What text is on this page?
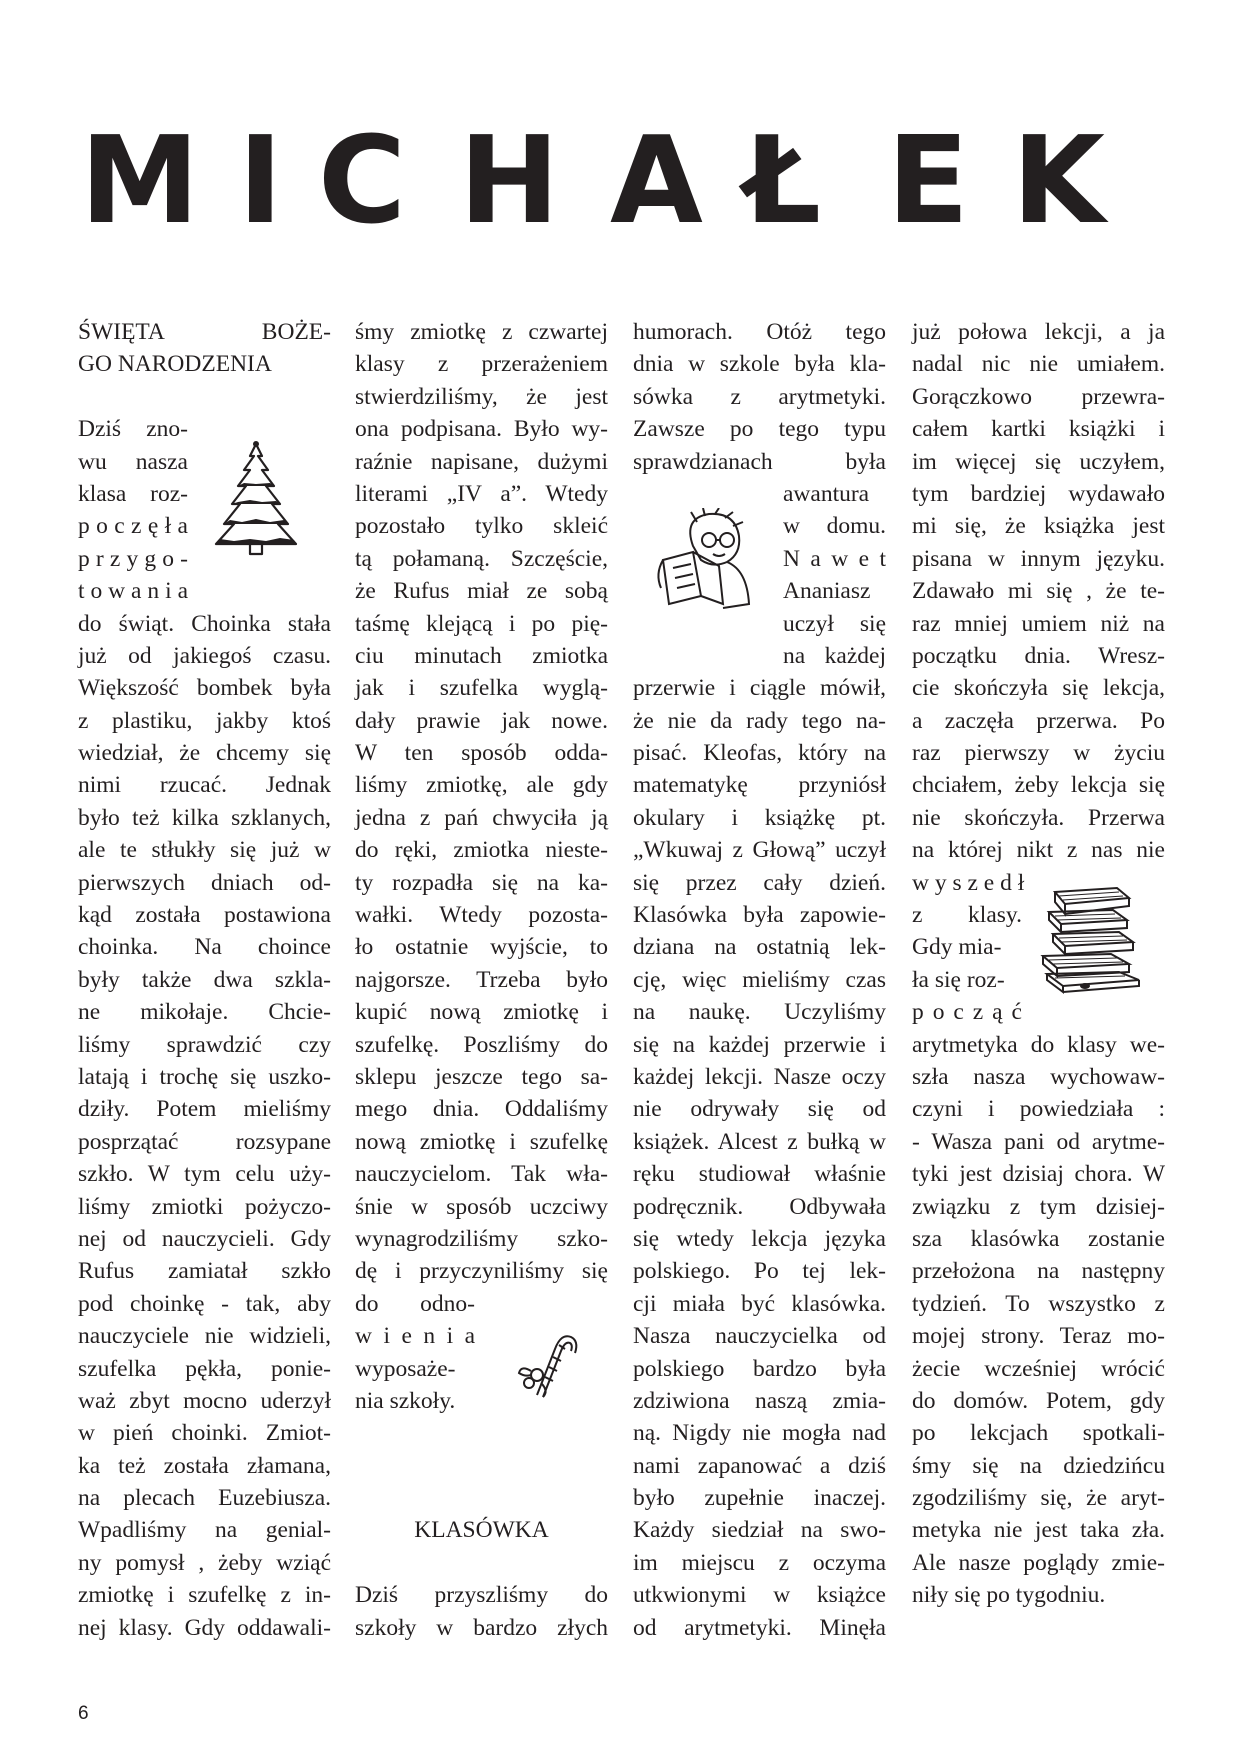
M I C H A Ł E K
ŚWIĘTA BOŻE-
GO NARODZENIA
Dziś zno-
wu nasza
klasa roz-
p o c z ę ł a
p r z y g o -
t o w a n i a
do świąt. Choinka stała
już od jakiegoś czasu.
Większość bombek była
z plastiku, jakby ktoś
wiedział, że chcemy się
nimi rzucać. Jednak
było też kilka szklanych,
ale te stłukły się już w
pierwszych dniach od-
kąd została postawiona
choinka. Na choince
były także dwa szkla-
ne mikołaje. Chcie-
liśmy sprawdzić czy
latają i trochę się uszko-
dziły. Potem mieliśmy
posprzątać rozsypane
szkło. W tym celu uży-
liśmy zmiotki pożyczo-
nej od nauczycieli. Gdy
Rufus zamiatał szkło
pod choinkę - tak, aby
nauczyciele nie widzieli,
szufelka pękła, ponie-
waż zbyt mocno uderzył
w pień choinki. Zmiot-
ka też została złamana,
na plecach Euzebiusza.
Wpadliśmy na genial-
ny pomysł , żeby wziąć
zmiotkę i szufelkę z in-
nej klasy. Gdy oddawali-
śmy zmiotkę z czwartej
klasy z przerażeniem
stwierdziliśmy, że jest
ona podpisana. Było wy-
raźnie napisane, dużymi
literami „IV a”. Wtedy
pozostało tylko skleić
tą połamaną. Szczęście,
że Rufus miał ze sobą
taśmę klejącą i po pię-
ciu minutach zmiotka
jak i szufelka wyglą-
dały prawie jak nowe.
W ten sposób odda-
liśmy zmiotkę, ale gdy
jedna z pań chwyciła ją
do ręki, zmiotka nieste-
ty rozpadła się na ka-
wałki. Wtedy pozosta-
ło ostatnie wyjście, to
najgorsze. Trzeba było
kupić nową zmiotkę i
szufelkę. Poszliśmy do
sklepu jeszcze tego sa-
mego dnia. Oddaliśmy
nową zmiotkę i szufelkę
nauczycielom. Tak wła-
śnie w sposób uczciwy
wynagrodziliśmy szko-
dę i przyczyniliśmy się
do odno-
w i e n i a
wyposaże-
nia szkoły.
KLASÓWKA
Dziś przyszliśmy do
szkoły w bardzo złych
humorach. Otóż tego
dnia w szkole była kla-
sówka z arytmetyki.
Zawsze po tego typu
sprawdzianach była
awantura
w domu.
N a w e t
Ananiasz
uczył się
na każdej
przerwie i ciągle mówił,
że nie da rady tego na-
pisać. Kleofas, który na
matematykę przyniósł
okulary i książkę pt.
„Wkuwaj z Głową” uczył
się przez cały dzień.
Klasówka była zapowie-
dziana na ostatnią lek-
cję, więc mieliśmy czas
na naukę. Uczyliśmy
się na każdej przerwie i
każdej lekcji. Nasze oczy
nie odrywały się od
książek. Alcest z bułką w
ręku studiował właśnie
podręcznik. Odbywała
się wtedy lekcja języka
polskiego. Po tej lek-
cji miała być klasówka.
Nasza nauczycielka od
polskiego bardzo była
zdziwiona naszą zmia-
ną. Nigdy nie mogła nad
nami zapanować a dziś
było zupełnie inaczej.
Każdy siedział na swo-
im miejscu z oczyma
utkwionymi w książce
od arytmetyki. Minęła
już połowa lekcji, a ja
nadal nic nie umiałem.
Gorączkowo przewra-
całem kartki książki i
im więcej się uczyłem,
tym bardziej wydawało
mi się, że książka jest
pisana w innym języku.
Zdawało mi się , że te-
raz mniej umiem niż na
początku dnia. Wresz-
cie skończyła się lekcja,
a zaczęła przerwa. Po
raz pierwszy w życiu
chciałem, żeby lekcja się
nie skończyła. Przerwa
na której nikt z nas nie
w y s z e d ł
z klasy.
Gdy mia-
ła się roz-
p o c z ą ć
arytmetyka do klasy we-
szła nasza wychowaw-
czyni i powiedziała :
- Wasza pani od arytme-
tyki jest dzisiaj chora. W
związku z tym dzisiej-
sza klasówka zostanie
przełożona na następny
tydzień. To wszystko z
mojej strony. Teraz mo-
żecie wcześniej wrócić
do domów. Potem, gdy
po lekcjach spotkali-
śmy się na dziedzińcu
zgodziliśmy się, że aryt-
metyka nie jest taka zła.
Ale nasze poglądy zmie-
niły się po tygodniu.
6
